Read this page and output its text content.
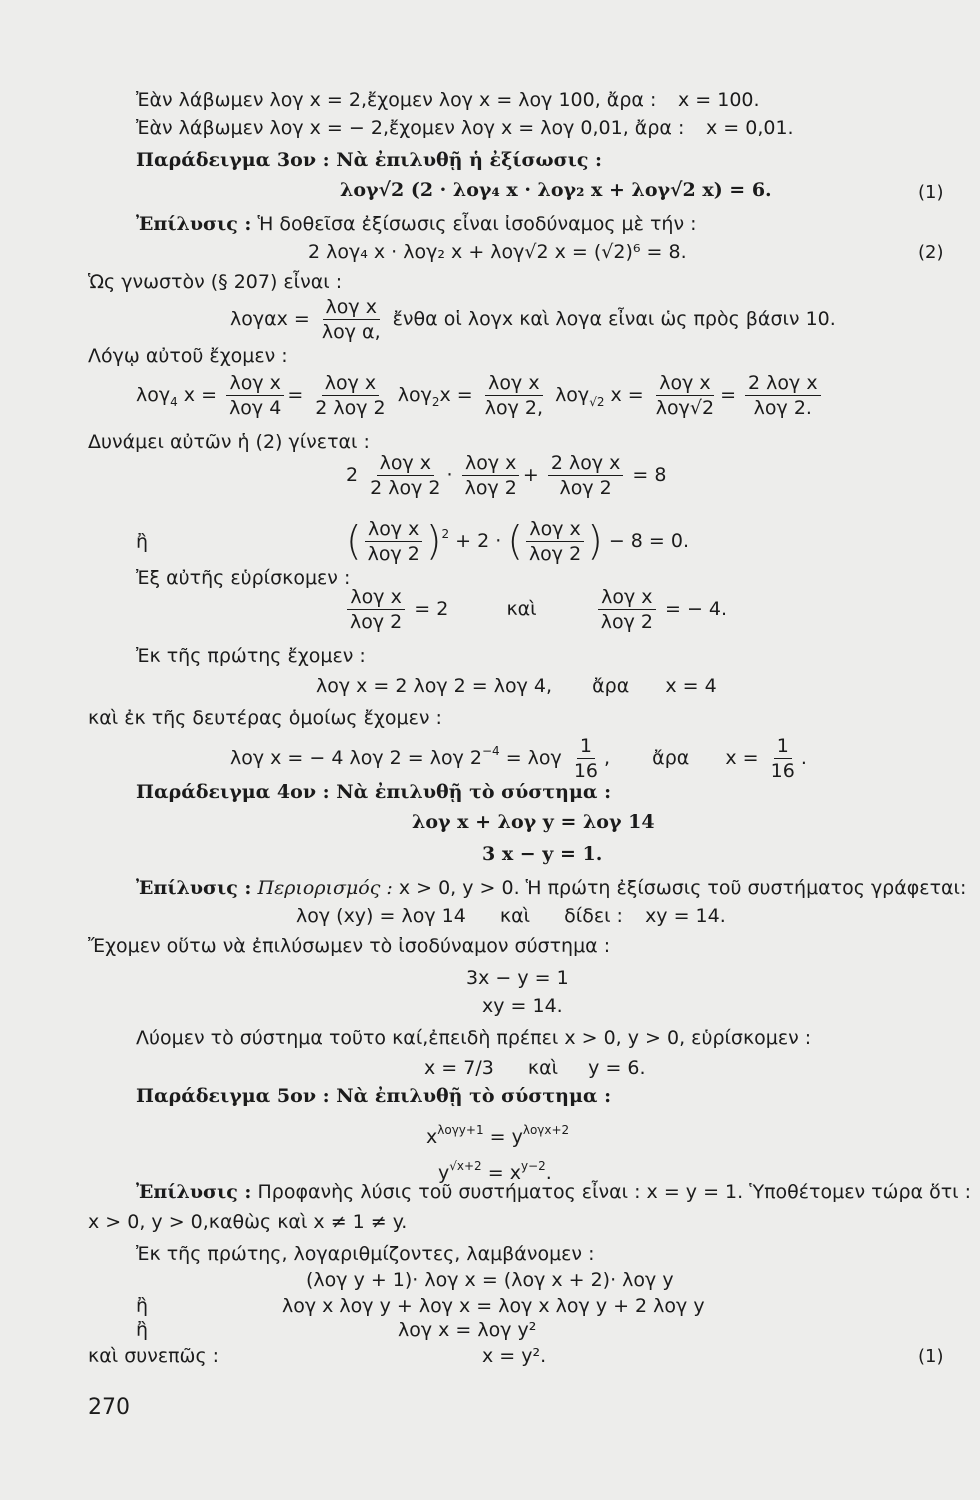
Ἐὰν λάβωμεν λογ x = 2,ἔχομεν λογ x = λογ 100, ἄρα : x = 100.
Ἐὰν λάβωμεν λογ x = − 2,ἔχομεν λογ x = λογ 0,01, ἄρα : x = 0,01.
Παράδειγμα 3ον : Νὰ ἐπιλυθῇ ἡ ἐξίσωσις :
λογ√2 (2 · λογ₄ x · λογ₂ x + λογ√2 x) = 6.	(1)
Ἐπίλυσις : Ἡ δοθεῖσα ἐξίσωσις εἶναι ἰσοδύναμος μὲ τήν :
2 λογ₄ x · λογ₂ x + λογ√2 x = (√2)⁶ = 8.	(2)
Ὡς γνωστὸν (§ 207) εἶναι :
$\lambda o\gamma\alpha x = \frac{\text{λογ x}}{\text{λογ α,}}$ ἔνθα οἱ λογx καὶ λογα εἶναι ὡς πρὸς βάσιν 10.
Λόγῳ αὐτοῦ ἔχομεν :
λογ$_4$ $x = \frac{\text{λογ x}}{\text{λογ 4}} = \frac{\text{λογ x}}{\text{2 λογ 2}} \lambda o\gamma_2x = \frac{\text{λογ x}}{\text{λογ 2,}} \lambda o\gamma_{√2}$ $x = \frac{\text{λογ x}}{\text{λογ√2}} = \frac{\text{2 λογ x}}{\text{λογ 2.}}$
Δυνάμει αὐτῶν ἡ (2) γίνεται :
$2 \frac{\text{λογ x}}{\text{2 λογ 2}} \cdot \frac{\text{λογ x}}{\text{λογ 2}} + \frac{\text{2 λογ x}}{\text{λογ 2}} = 8$
ἢ	( $\frac{\text{λογ x}}{\text{λογ 2}} )^2 + 2$ · ( $\frac{\text{λογ x}}{\text{λογ 2}}$ ) − 8 = 0.
Ἐξ αὐτῆς εὑρίσκομεν :
$\frac{\text{λογ x}}{\text{λογ 2}} = 2$	καὶ	$\frac{\text{λογ x}}{\text{λογ 2}}$ = − 4.
Ἐκ τῆς πρώτης ἔχομεν :
λογ x = 2 λογ 2 = λογ 4, ἄρα x = 4
καὶ ἐκ τῆς δευτέρας ὁμοίως ἔχομεν :
λογ x = − 4 λογ 2 = λογ $2^{-4} = \lambda o\gamma \frac{1}{16}$ ,  ἄρα $x = \frac{1}{16}$ .
Παράδειγμα 4ον : Νὰ ἐπιλυθῇ τὸ σύστημα :
λογ x + λογ y = λογ 14
3 x − y = 1.
Ἐπίλυσις : Περιορισμός : x > 0, y > 0. Ἡ πρώτη ἐξίσωσις τοῦ συστήματος γράφεται:
λογ (xy) = λογ 14 καὶ δίδει : xy = 14.
Ἔχομεν οὕτω νὰ ἐπιλύσωμεν τὸ ἰσοδύναμον σύστημα :
3x − y = 1
xy = 14.
Λύομεν τὸ σύστημα τοῦτο καί,ἐπειδὴ πρέπει x > 0, y > 0, εὑρίσκομεν :
x = 7/3 καὶ y = 6.
Παράδειγμα 5ον : Νὰ ἐπιλυθῇ τὸ σύστημα :
$x^{\lambda o\gamma y+1} = y^{\lambda o\gamma x+2}$
$y^{√x+2} = x^{y-2}$.
Ἐπίλυσις : Προφανὴς λύσις τοῦ συστήματος εἶναι : x = y = 1. Ὑποθέτομεν τώρα ὅτι :
x > 0, y > 0,καθὼς καὶ x ≠ 1 ≠ y.
Ἐκ τῆς πρώτης, λογαριθμίζοντες, λαμβάνομεν :
(λογ y + 1)· λογ x = (λογ x + 2)· λογ y
ἢ	λογ x λογ y + λογ x = λογ x λογ y + 2 λογ y
ἢ	λογ x = λογ y²
καὶ συνεπῶς :	x = y².	(1)
270
